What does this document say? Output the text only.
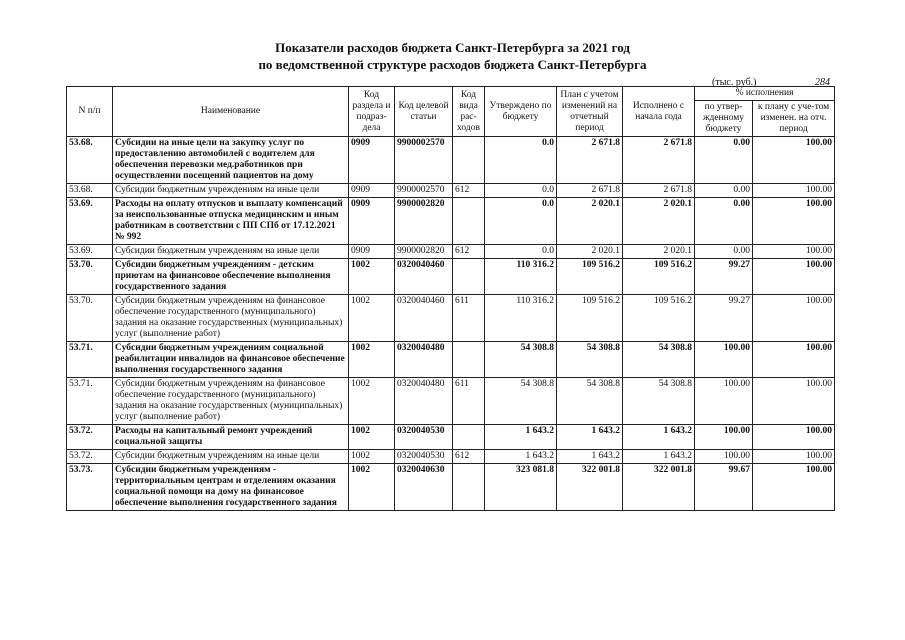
Показатели расходов бюджета Санкт-Петербурга за 2021 год
по ведомственной структуре расходов бюджета Санкт-Петербурга
(тыс. руб.)	284
N п/п	Наименование	Код раздела и подраз-дела	Код целевой статьи	Код вида рас-ходов	Утверждено по бюджету	План с учетом изменений на отчетный период	Исполнено с начала года	% исполнения	
								по утвер-жденному бюджету	к плану с уче-том изменен. на отч. период
53.68.	Субсидии на иные цели на закупку услуг по предоставлению автомобилей с водителем для обеспечения перевозки мед.работников при осуществлении посещений пациентов на дому	0909	9900002570		0.0	2 671.8	2 671.8	0.00	100.00
53.68.	Субсидии бюджетным учреждениям на иные цели	0909	9900002570	612	0.0	2 671.8	2 671.8	0.00	100.00
53.69.	Расходы на оплату отпусков и выплату компенсаций за неиспользованные отпуска медицинским и иным работникам в соответствии с ПП СПб от 17.12.2021 № 992	0909	9900002820		0.0	2 020.1	2 020.1	0.00	100.00
53.69.	Субсидии бюджетным учреждениям на иные цели	0909	9900002820	612	0.0	2 020.1	2 020.1	0.00	100.00
53.70.	Субсидии бюджетным учреждениям - детским приютам на финансовое обеспечение выполнения государственного задания	1002	0320040460		110 316.2	109 516.2	109 516.2	99.27	100.00
53.70.	Субсидии бюджетным учреждениям на финансовое обеспечение государственного (муниципального) задания на оказание государственных (муниципальных) услуг (выполнение работ)	1002	0320040460	611	110 316.2	109 516.2	109 516.2	99.27	100.00
53.71.	Субсидии бюджетным учреждениям социальной реабилитации инвалидов на финансовое обеспечение выполнения государственного задания	1002	0320040480		54 308.8	54 308.8	54 308.8	100.00	100.00
53.71.	Субсидии бюджетным учреждениям на финансовое обеспечение государственного (муниципального) задания на оказание государственных (муниципальных) услуг (выполнение работ)	1002	0320040480	611	54 308.8	54 308.8	54 308.8	100.00	100.00
53.72.	Расходы на капитальный ремонт учреждений социальной защиты	1002	0320040530		1 643.2	1 643.2	1 643.2	100.00	100.00
53.72.	Субсидии бюджетным учреждениям на иные цели	1002	0320040530	612	1 643.2	1 643.2	1 643.2	100.00	100.00
53.73.	Субсидии бюджетным учреждениям - территориальным центрам и отделениям оказания социальной помощи на дому на финансовое обеспечение выполнения государственного задания	1002	0320040630		323 081.8	322 001.8	322 001.8	99.67	100.00
